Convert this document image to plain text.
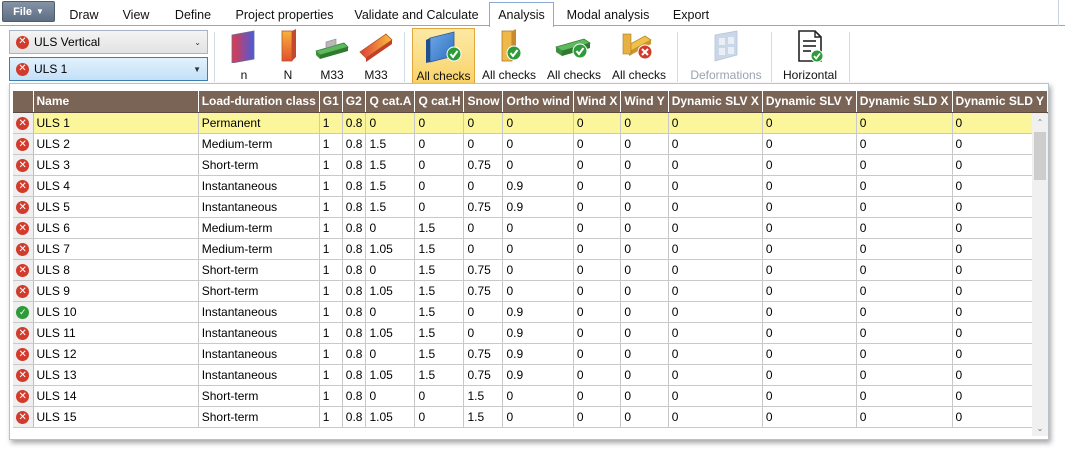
File ▼ Draw View Define Project properties Validate and Calculate Analysis Modal analysis Export
✕ ULS Vertical	⌄
✕ ULS 1	▼	n	N M33 M33 All checks All checks All checks All checks Deformations Horizontal
	Name	Load-duration class	G1	G2	Q cat.A	Q cat.H	Snow	Ortho wind	Wind X	Wind Y	Dynamic SLV X	Dynamic SLV Y	Dynamic SLD X	Dynamic SLD Y
✕	ULS 1	Permanent	1	0.8	0	0	0	0	0	0	0	0	0	0
✕	ULS 2	Medium-term	1	0.8	1.5	0	0	0	0	0	0	0	0	0
✕	ULS 3	Short-term	1	0.8	1.5	0	0.75	0	0	0	0	0	0	0
✕	ULS 4	Instantaneous	1	0.8	1.5	0	0	0.9	0	0	0	0	0	0
✕	ULS 5	Instantaneous	1	0.8	1.5	0	0.75	0.9	0	0	0	0	0	0
✕	ULS 6	Medium-term	1	0.8	0	1.5	0	0	0	0	0	0	0	0
✕	ULS 7	Medium-term	1	0.8	1.05	1.5	0	0	0	0	0	0	0	0
✕	ULS 8	Short-term	1	0.8	0	1.5	0.75	0	0	0	0	0	0	0
✕	ULS 9	Short-term	1	0.8	1.05	1.5	0.75	0	0	0	0	0	0	0
✓	ULS 10	Instantaneous	1	0.8	0	1.5	0	0.9	0	0	0	0	0	0
✕	ULS 11	Instantaneous	1	0.8	1.05	1.5	0	0.9	0	0	0	0	0	0
✕	ULS 12	Instantaneous	1	0.8	0	1.5	0.75	0.9	0	0	0	0	0	0
✕	ULS 13	Instantaneous	1	0.8	1.05	1.5	0.75	0.9	0	0	0	0	0	0
✕	ULS 14	Short-term	1	0.8	0	0	1.5	0	0	0	0	0	0	0
✕	ULS 15	Short-term	1	0.8	1.05	0	1.5	0	0	0	0	0	0	0
⌃
⌄
